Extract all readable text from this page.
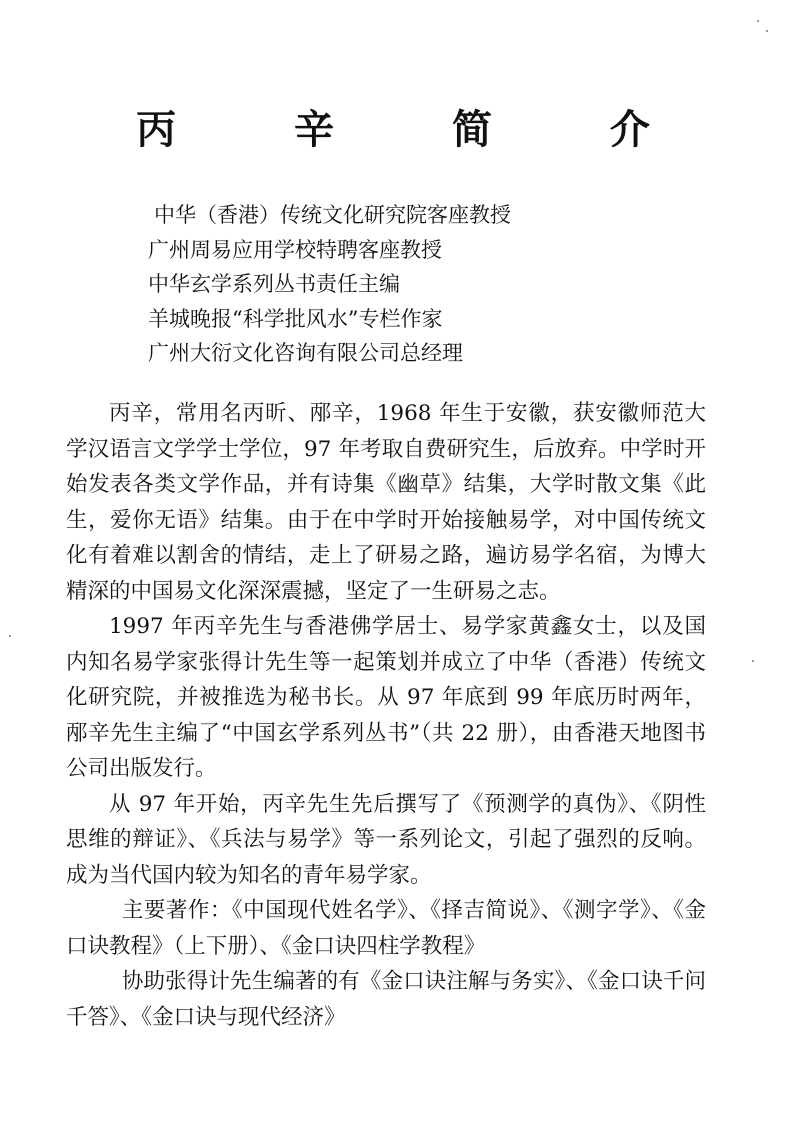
丙 辛 简 介
中华（香港）传统文化研究院客座教授
广州周易应用学校特聘客座教授
中华玄学系列丛书责任主编
羊城晚报“科学批风水”专栏作家
广州大衍文化咨询有限公司总经理

丙辛，常用名丙昕、邴辛，1968 年生于安徽，获安徽师范大学汉语言文学学士学位，97 年考取自费研究生，后放弃。中学时开始发表各类文学作品，并有诗集《幽草》结集，大学时散文集《此生，爱你无语》结集。由于在中学时开始接触易学，对中国传统文化有着难以割舍的情结，走上了研易之路，遍访易学名宿，为博大精深的中国易文化深深震撼，坚定了一生研易之志。

1997 年丙辛先生与香港佛学居士、易学家黄鑫女士，以及国内知名易学家张得计先生等一起策划并成立了中华（香港）传统文化研究院，并被推选为秘书长。从 97 年底到 99 年底历时两年，邴辛先生主编了“中国玄学系列丛书”（共 22 册），由香港天地图书公司出版发行。

从 97 年开始，丙辛先生先后撰写了《预测学的真伪》、《阴性思维的辩证》、《兵法与易学》等一系列论文，引起了强烈的反响。成为当代国内较为知名的青年易学家。

主要著作：《中国现代姓名学》、《择吉简说》、《测字学》、《金口诀教程》（上下册）、《金口诀四柱学教程》

协助张得计先生编著的有《金口诀注解与务实》、《金口诀千问千答》、《金口诀与现代经济》
